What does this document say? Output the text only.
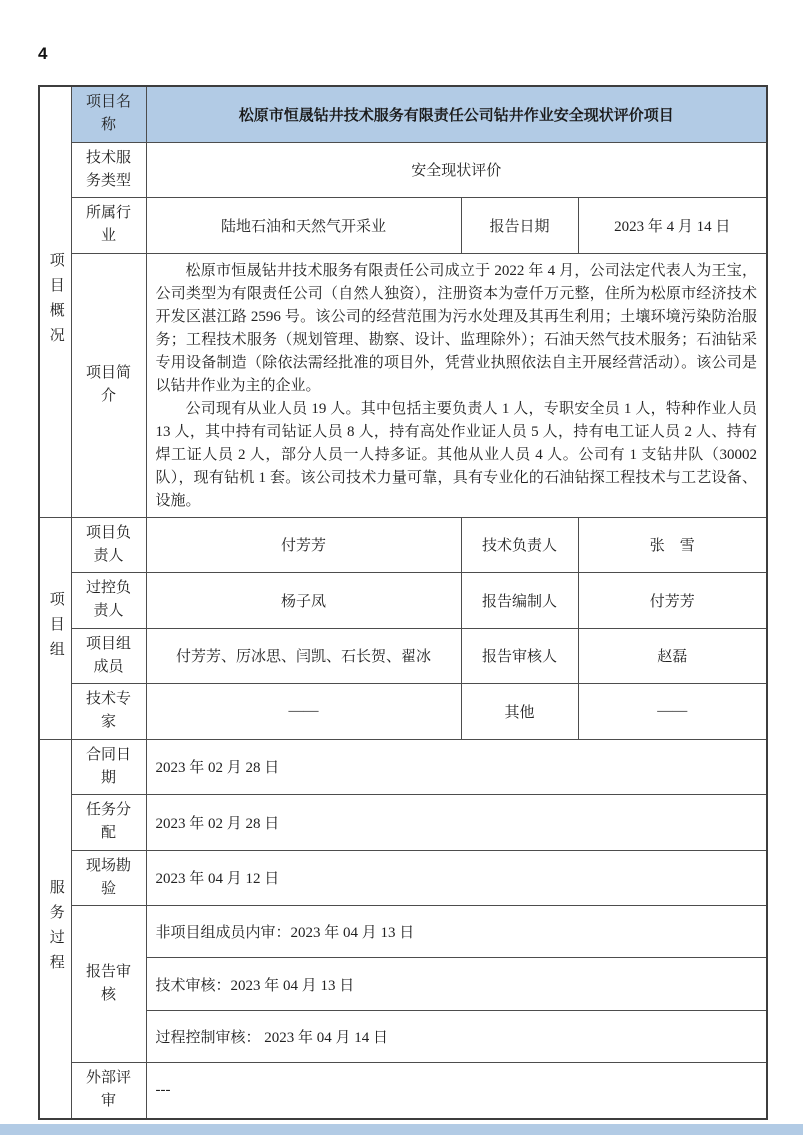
4
项目概况	项目名称	松原市恒晟钻井技术服务有限责任公司钻井作业安全现状评价项目		
	技术服务类型	安全现状评价		
	所属行业	陆地石油和天然气开采业	报告日期	2023 年 4 月 14 日
	项目简介	松原市恒晟钻井技术服务有限责任公司成立于 2022 年 4 月，公司法定代表人为王宝，公司类型为有限责任公司（自然人独资），注册资本为壹仟万元整，住所为松原市经济技术开发区湛江路 2596 号。该公司的经营范围为污水处理及其再生利用；土壤环境污染防治服务；工程技术服务（规划管理、勘察、设计、监理除外）；石油天然气技术服务；石油钻采专用设备制造（除依法需经批准的项目外，凭营业执照依法自主开展经营活动）。该公司是以钻井作业为主的企业。

公司现有从业人员 19 人。其中包括主要负责人 1 人，专职安全员 1 人，特种作业人员 13 人，其中持有司钻证人员 8 人，持有高处作业证人员 5 人，持有电工证人员 2 人、持有焊工证人员 2 人，部分人员一人持多证。其他从业人员 4 人。公司有 1 支钻井队（30002 队），现有钻机 1 套。该公司技术力量可靠，具有专业化的石油钻探工程技术与工艺设备、设施。		

项目组	项目负责人	付芳芳	技术负责人	张　雪
	过控负责人	杨子凤	报告编制人	付芳芳
	项目组成员	付芳芳、厉冰思、闫凯、石长贺、翟冰	报告审核人	赵磊
	技术专家	——	其他	——

服务过程	合同日期	2023 年 02 月 28 日		
	任务分配	2023 年 02 月 28 日		
	现场勘验	2023 年 04 月 12 日		
	报告审核	非项目组成员内审：2023 年 04 月 13 日		
		技术审核：2023 年 04 月 13 日		
		过程控制审核： 2023 年 04 月 14 日		
	外部评审	---		
